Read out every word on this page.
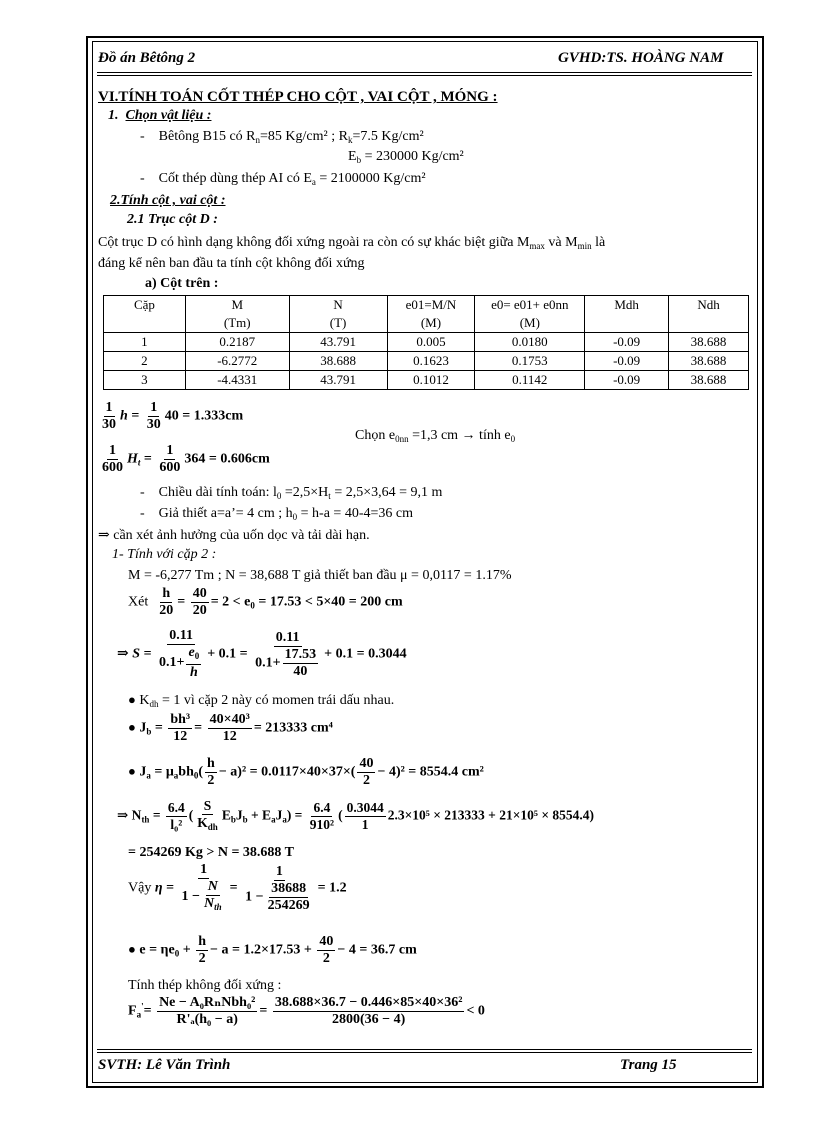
Đồ án Bêtông 2	GVHD:TS. HOÀNG NAM
VI.TÍNH TOÁN CỐT THÉP CHO CỘT , VAI CỘT , MÓNG :
1. Chọn vật liệu :
-    Bêtông B15 có $R_n=85$ Kg/cm² ; $R_k=7.5$ Kg/cm²
$E_b = 230000$ Kg/cm²
-    Cốt thép dùng thép AI có $E_a = 2100000$ Kg/cm²
2.Tính cột , vai cột :
2.1 Trục cột D :
Cột trục D có hình dạng không đối xứng ngoài ra còn có sự khác biệt giữa $M_{max}$ và $M_{min}$ là
đáng kể nên ban đầu ta tính cột không đối xứng
a) Cột trên :
Cặp	M	N	e01=M/N	e0= e01+ e0nn	Mdh	Ndh
	(Tm)	(T)	(M)	(M)		
1	0.2187	43.791	0.005	0.0180	-0.09	38.688
2	-6.2772	38.688	0.1623	0.1753	-0.09	38.688
3	-4.4331	43.791	0.1012	0.1142	-0.09	38.688
$\frac{1}{30}$ $h = \frac{1}{30} 40 = 1.333cm$
Chọn $e_{0nn} =1,3$ cm → tính $e_0$
$\frac{1}{600} H_t = \frac{1}{600} 364 = 0.606cm$
-    Chiều dài tính toán: $l_0 =2,5\times H_t = 2,5\times 3,64 = 9,1$ m
-    Giả thiết a=a’= 4 cm ; $h_0 = h-a = 40-4=36$ cm
⇒ cần xét ảnh hưởng của uốn dọc và tải dài hạn.
1- Tính với cặp 2 :
M = -6,277 Tm ; N = 38,688 T giả thiết ban đầu μ = 0,0117 = 1.17%
Xét $\frac{h}{20} = \frac{40}{20} = 2 < e_0 = 17.53 < 5\times 40 = 200$ cm
⇒ $S = \frac{0.11}{0.1+ \frac{e_0}{h}} + 0.1 = \frac{0.11}{0.1+ \frac{17.53}{40}} + 0.1 = 0.3044$
● $K_{dh} = 1$ vì cặp 2 này có momen trái dấu nhau.
● $J_b = \frac{\text{bh³}}{12} = \frac{\text{40×40³}}{12} = 213333$ cm⁴
● $J_a = \mu_abh_0( \frac{h}{2} - a)^2 = 0.0117\times 40\times 37\times( \frac{40}{2} - 4)^2 = 8554.4$ cm²
⇒ $N_{th} = \frac{6.4}{\text{l₀²}}$ ( $\frac{S}{K_{dh}} E_bJ_b + E_aJ_a) = \frac{6.4}{\text{910²}}$ ( $\frac{0.3044}{1} 2.3\times 10^5 \times 213333 + 21\times 10^5 \times 8554.4$)
= 254269 Kg > N = 38.688 T
Vậy $\eta = \frac{1}{1 - \frac{N}{N_{th}}} = \frac{1}{1 - \frac{38688}{254269}} = 1.2$
● $e = \eta e_0 + \frac{h}{2} - a = 1.2\times 17.53 + \frac{40}{2} - 4 = 36.7$ cm
Tính thép không đối xứng :
$F_a'= \frac{\text{Ne − A₀RₙNbh₀²}}{\text{R'ₐ(h₀ − a)}} = \frac{\text{38.688×36.7 − 0.446×85×40×36²}}{2800(36 - 4)} < 0$
SVTH: Lê Văn Trình	Trang 15
